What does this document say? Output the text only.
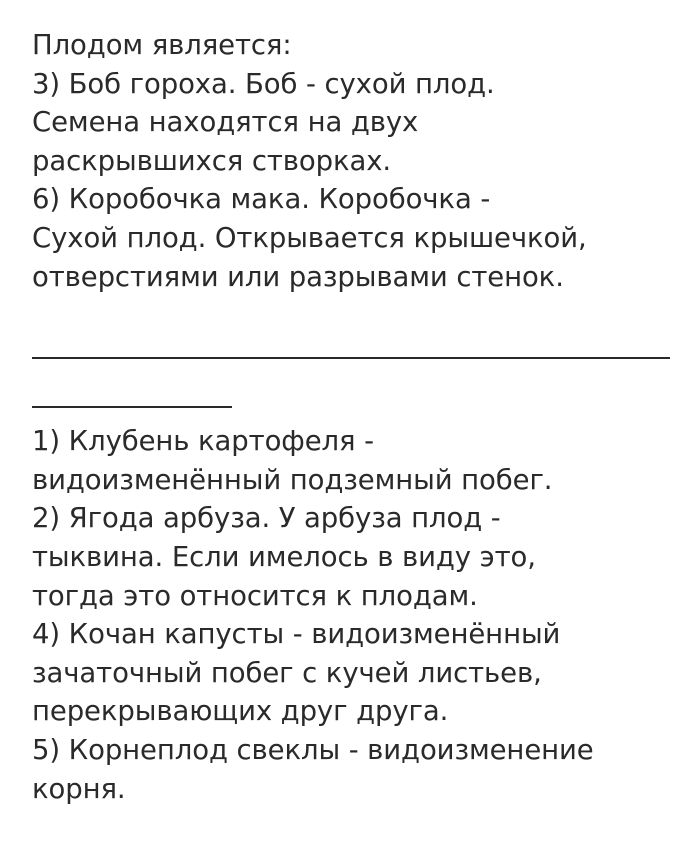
Плодом является:
3) Боб гороха. Боб - сухой плод.
Семена находятся на двух
раскрывшихся створках.
6) Коробочка мака. Коробочка -
Сухой плод. Открывается крышечкой,
отверстиями или разрывами стенок.
1) Клубень картофеля -
видоизменённый подземный побег.
2) Ягода арбуза. У арбуза плод -
тыквина. Если имелось в виду это,
тогда это относится к плодам.
4) Кочан капусты - видоизменённый
зачаточный побег с кучей листьев,
перекрывающих друг друга.
5) Корнеплод свеклы - видоизменение
корня.
